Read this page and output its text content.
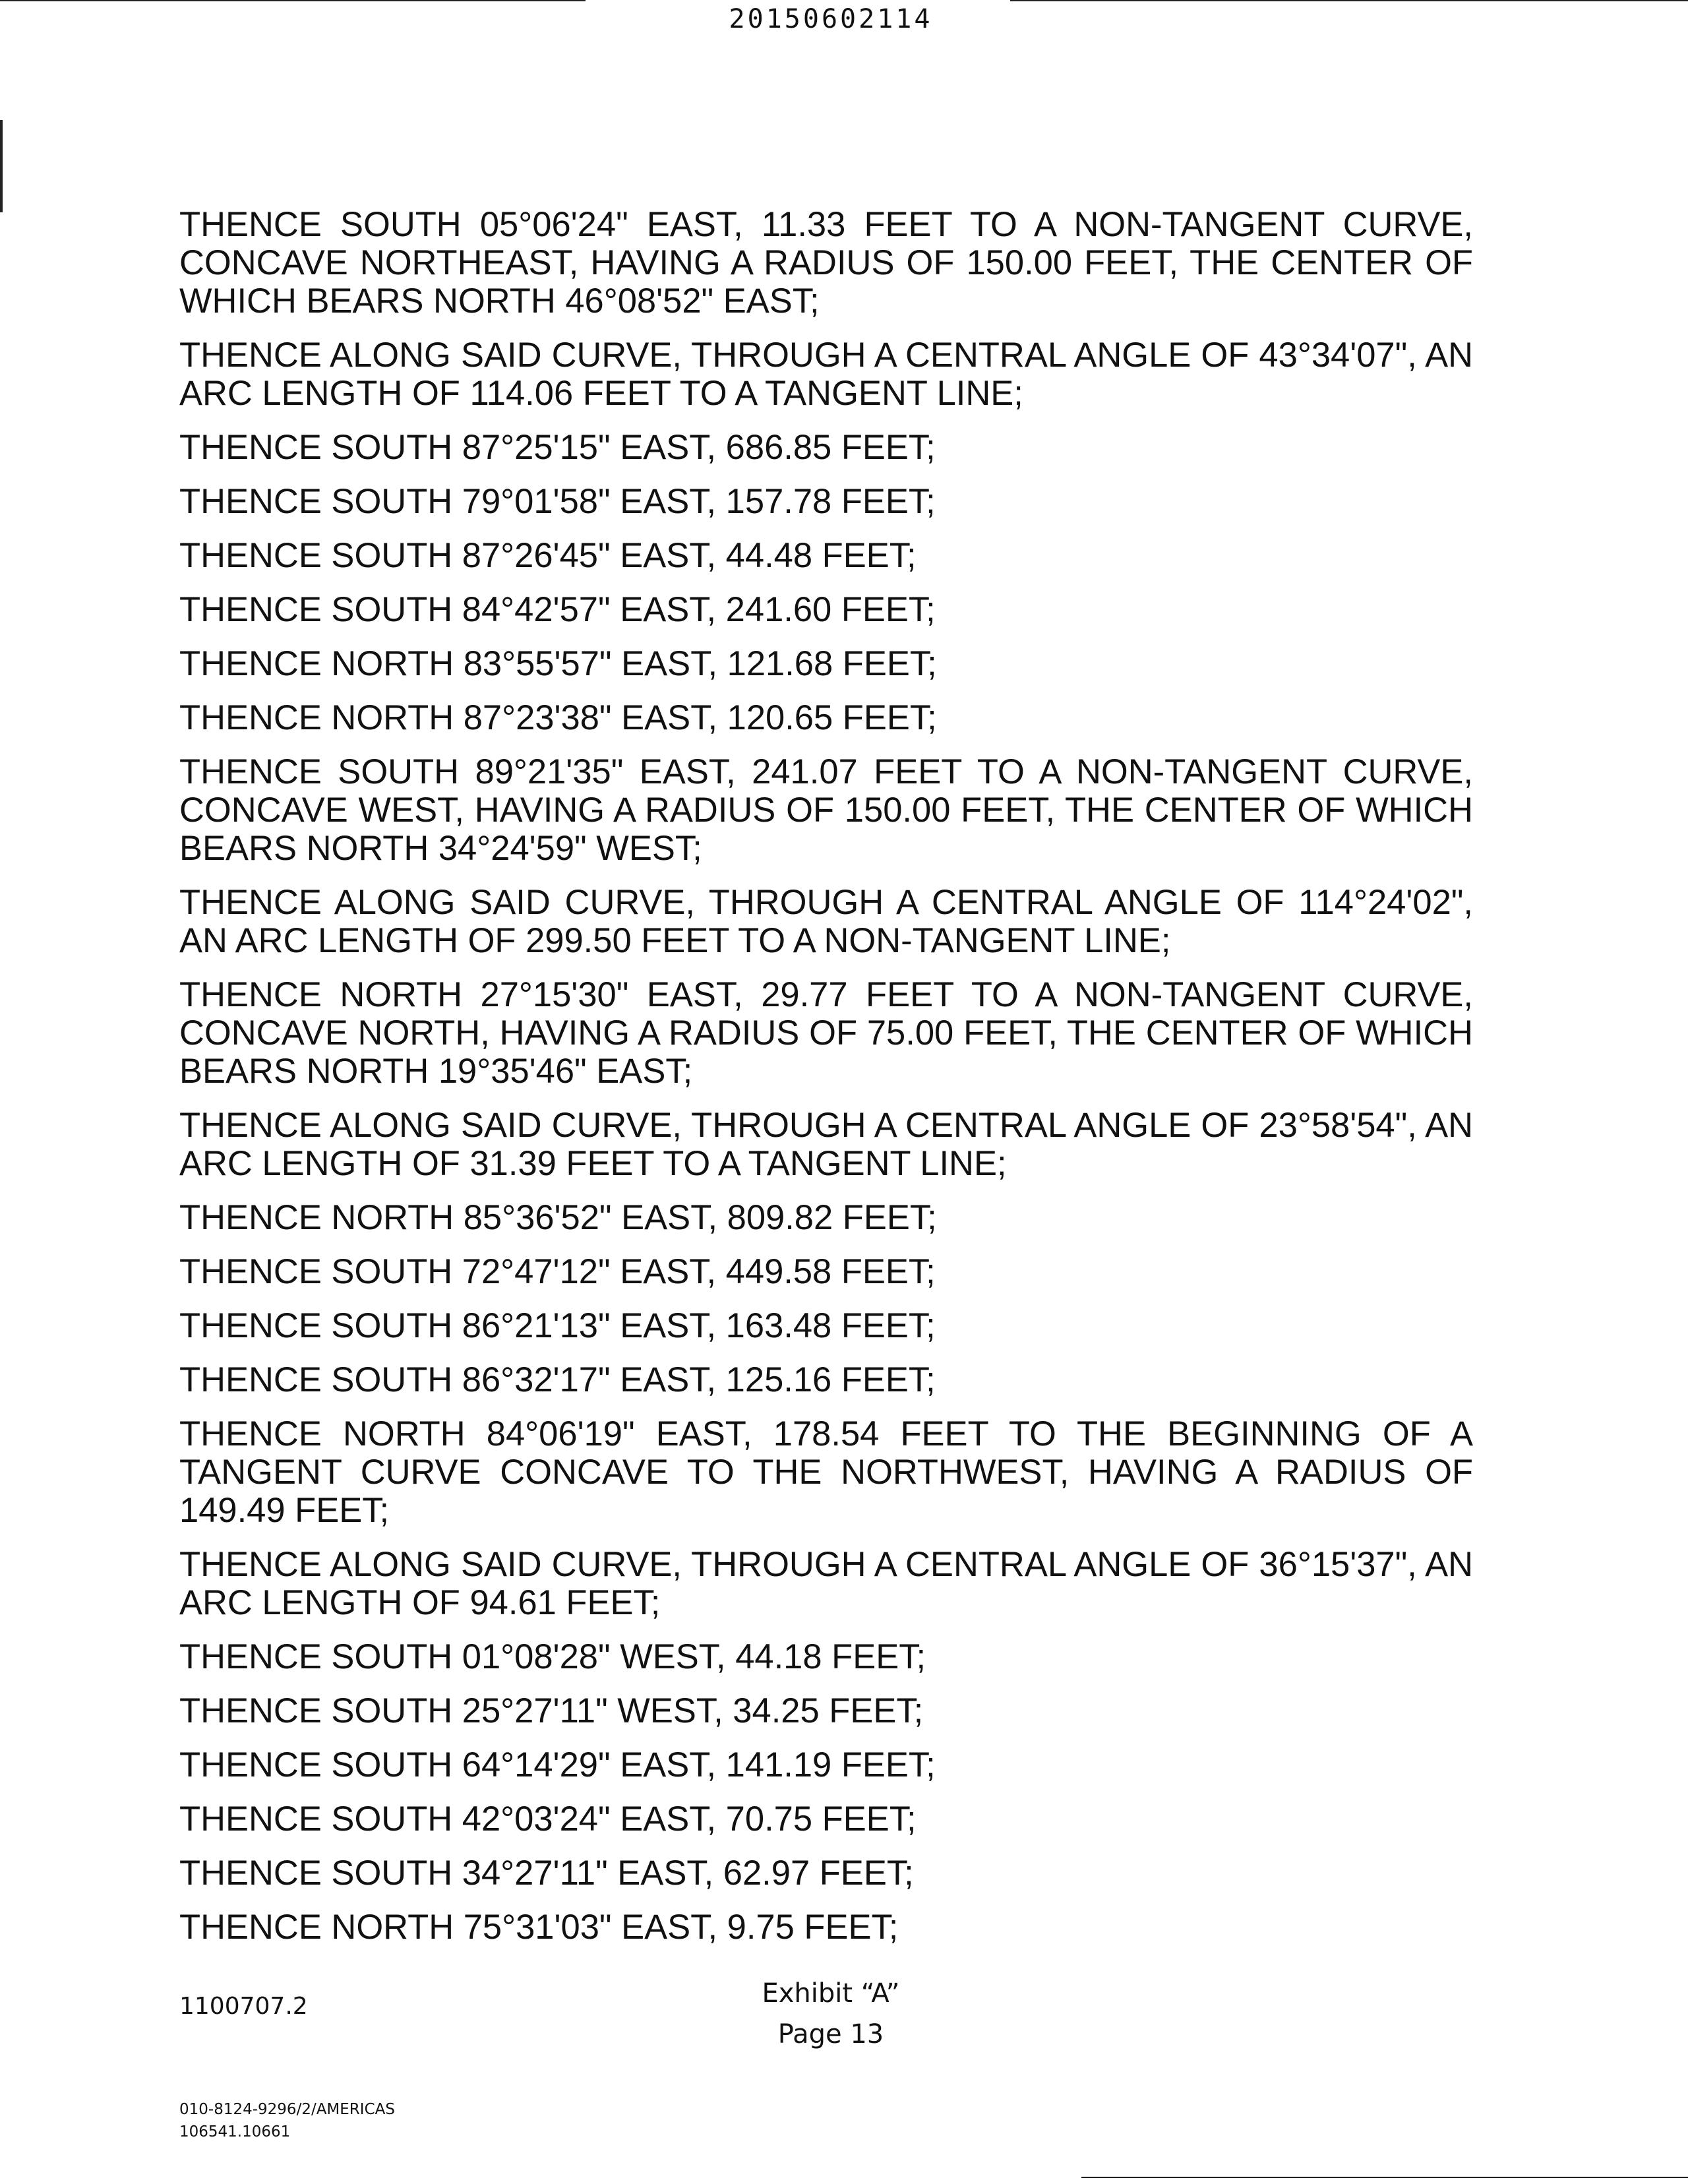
20150602114

THENCE SOUTH 05°06'24" EAST, 11.33 FEET TO A NON-TANGENT CURVE, CONCAVE NORTHEAST, HAVING A RADIUS OF 150.00 FEET, THE CENTER OF WHICH BEARS NORTH 46°08'52" EAST;

THENCE ALONG SAID CURVE, THROUGH A CENTRAL ANGLE OF 43°34'07", AN ARC LENGTH OF 114.06 FEET TO A TANGENT LINE;

THENCE SOUTH 87°25'15" EAST, 686.85 FEET;

THENCE SOUTH 79°01'58" EAST, 157.78 FEET;

THENCE SOUTH 87°26'45" EAST, 44.48 FEET;

THENCE SOUTH 84°42'57" EAST, 241.60 FEET;

THENCE NORTH 83°55'57" EAST, 121.68 FEET;

THENCE NORTH 87°23'38" EAST, 120.65 FEET;

THENCE SOUTH 89°21'35" EAST, 241.07 FEET TO A NON-TANGENT CURVE, CONCAVE WEST, HAVING A RADIUS OF 150.00 FEET, THE CENTER OF WHICH BEARS NORTH 34°24'59" WEST;

THENCE ALONG SAID CURVE, THROUGH A CENTRAL ANGLE OF 114°24'02", AN ARC LENGTH OF 299.50 FEET TO A NON-TANGENT LINE;

THENCE NORTH 27°15'30" EAST, 29.77 FEET TO A NON-TANGENT CURVE, CONCAVE NORTH, HAVING A RADIUS OF 75.00 FEET, THE CENTER OF WHICH BEARS NORTH 19°35'46" EAST;

THENCE ALONG SAID CURVE, THROUGH A CENTRAL ANGLE OF 23°58'54", AN ARC LENGTH OF 31.39 FEET TO A TANGENT LINE;

THENCE NORTH 85°36'52" EAST, 809.82 FEET;

THENCE SOUTH 72°47'12" EAST, 449.58 FEET;

THENCE SOUTH 86°21'13" EAST, 163.48 FEET;

THENCE SOUTH 86°32'17" EAST, 125.16 FEET;

THENCE NORTH 84°06'19" EAST, 178.54 FEET TO THE BEGINNING OF A TANGENT CURVE CONCAVE TO THE NORTHWEST, HAVING A RADIUS OF 149.49 FEET;

THENCE ALONG SAID CURVE, THROUGH A CENTRAL ANGLE OF 36°15'37", AN ARC LENGTH OF 94.61 FEET;

THENCE SOUTH 01°08'28" WEST, 44.18 FEET;

THENCE SOUTH 25°27'11" WEST, 34.25 FEET;

THENCE SOUTH 64°14'29" EAST, 141.19 FEET;

THENCE SOUTH 42°03'24" EAST, 70.75 FEET;

THENCE SOUTH 34°27'11" EAST, 62.97 FEET;

THENCE NORTH 75°31'03" EAST, 9.75 FEET;

1100707.2	Exhibit “A”
Page 13
010-8124-9296/2/AMERICAS
106541.10661
